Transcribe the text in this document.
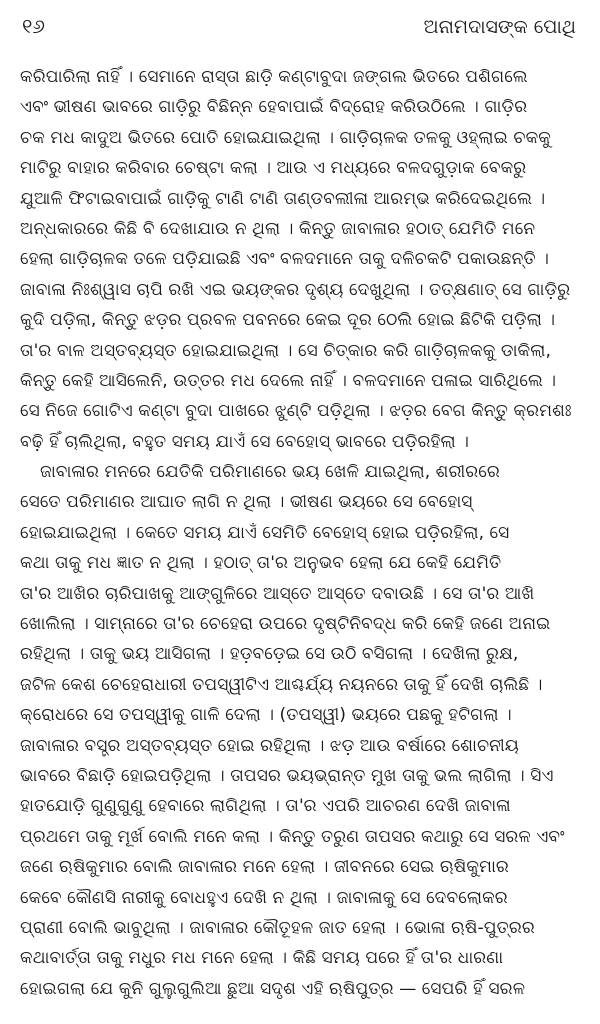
୧୬	ଅନାମଦାସଙ୍କ ପୋଥି
କରିପାରିଲା ନାହିଁ । ସେମାନେ ରାସ୍ତା ଛାଡ଼ି କଣ୍ଟାବୁଦା ଜଙ୍ଗଲ ଭିତରେ ପଶିଗଲେ
ଏବଂ ଭୀଷଣ ଭାବରେ ଗାଡ଼ିରୁ ବିଛିନ୍ନ ହେବାପାଇଁ ବିଦ୍ରୋହ କରିଉଠିଲେ । ଗାଡ଼ିର
ଚକ ମଧ କାଦୁଅ ଭିତରେ ପୋତି ହୋଇଯାଇଥିଲା । ଗାଡ଼ିଚାଳକ ତଳକୁ ଓହ୍ଲାଇ ଚକକୁ
ମାଟିରୁ ବାହାର କରିବାର ଚେଷ୍ଟା କଲା । ଆଉ ଏ ମଧ୍ୟରେ ବଳଦଗୁଡ଼ାକ ବେକରୁ
ଯୁଆଳି ଫିଟାଇବାପାଇଁ ଗାଡ଼ିକୁ ଟାଣି ଟାଣି ତାଣ୍ଡବଲୀଳା ଆରମ୍ଭ କରିଦେଇଥିଲେ ।
ଅନ୍ଧକାରରେ କିଛି ବି ଦେଖାଯାଉ ନ ଥିଲା । କିନ୍ତୁ ଜାବାଳାର ହଠାତ୍ ଯେମିତି ମନେ
ହେଲା ଗାଡ଼ିଚାଳକ ତଳେ ପଡ଼ିଯାଇଛି ଏବଂ ବଳଦମାନେ ତାକୁ ଦଳିଚକଟି ପକାଉଛନ୍ତି ।
ଜାବାଳା ନିଃଶ୍ୱାସ ଚାପି ରଖି ଏଇ ଭୟଙ୍କର ଦୃଶ୍ୟ ଦେଖୁଥିଲା । ତତ୍‌କ୍ଷଣାତ୍ ସେ ଗାଡ଼ିରୁ
କୁଦି ପଡ଼ିଲା, କିନ୍ତୁ ଝଡ଼ର ପ୍ରବଳ ପବନରେ କେଇ ଦୂର ଠେଲି ହୋଇ ଛିଟିକି ପଡ଼ିଲା ।
ତା'ର ବାଳ ଅସ୍ତବ୍ୟସ୍ତ ହୋଇଯାଇଥିଲା । ସେ ଚିତ୍କାର କରି ଗାଡ଼ିଚାଳକକୁ ଡାକିଲା,
କିନ୍ତୁ କେହି ଆସିଲେନି, ଉତ୍ତର ମଧ ଦେଲେ ନାହିଁ । ବଳଦମାନେ ପଳାଇ ସାରିଥିଲେ ।
ସେ ନିଜେ ଗୋଟିଏ କଣ୍ଟା ବୁଦା ପାଖରେ ଝୁଣ୍ଟି ପଡ଼ିଥିଲା । ଝଡ଼ର ବେଗ କିନ୍ତୁ କ୍ରମଶଃ
ବଢ଼ି ହିଁ ଚାଲିଥିଲା, ବହୁତ ସମୟ ଯାଏଁ ସେ ବେହୋସ୍ ଭାବରେ ପଡ଼ିରହିଲା ।
ଜାବାଳାର ମନରେ ଯେତିକି ପରିମାଣରେ ଭୟ ଖେଳି ଯାଇଥିଲା, ଶରୀରରେ
ସେତେ ପରିମାଣର ଆଘାତ ଲାଗି ନ ଥିଲା । ଭୀଷଣ ଭୟରେ ସେ ବେହୋସ୍
ହୋଇଯାଇଥିଲା । କେତେ ସମୟ ଯାଏଁ ସେମିତି ବେହୋସ୍ ହୋଇ ପଡ଼ିରହିଲା, ସେ
କଥା ତାକୁ ମଧ ଜ୍ଞାତ ନ ଥିଲା । ହଠାତ୍ ତା'ର ଅନୁଭବ ହେଲା ଯେ କେହି ଯେମିତି
ତା'ର ଆଖିର ଚାରିପାଖକୁ ଆଙ୍ଗୁଳିରେ ଆସ୍ତେ ଆସ୍ତେ ଦବାଉଛି । ସେ ତା'ର ଆଖି
ଖୋଲିଲା । ସାମ୍ନାରେ ତା'ର ଚେହେରା ଉପରେ ଦୃଷ୍ଟିନିବଦ୍ଧ କରି କେହି ଜଣେ ଅନାଇ
ରହିଥିଲା । ତାକୁ ଭୟ ଆସିଗଲା । ହଡ଼ବଡ଼େଇ ସେ ଉଠି ବସିଗଲା । ଦେଖିଲା ରୁକ୍ଷ,
ଜଟିଳ କେଶ ଚେହେରାଧାରୀ ତପସ୍ୱୀଟିଏ ଆଶ୍ଚର୍ଯ୍ୟ ନୟନରେ ତାକୁ ହିଁ ଦେଖି ଚାଲିଛି ।
କ୍ରୋଧରେ ସେ ତପସ୍ୱୀକୁ ଗାଳି ଦେଲା । (ତପସ୍ୱୀ) ଭୟରେ ପଛକୁ ହଟିଗଲା ।
ଜାବାଳାର ବସ୍ତ୍ର ଅସ୍ତବ୍ୟସ୍ତ ହୋଇ ରହିଥିଲା । ଝଡ଼ ଆଉ ବର୍ଷାରେ ଶୋଚନୀୟ
ଭାବରେ ବିଛାଡ଼ି ହୋଇପଡ଼ିଥିଲା । ତାପସର ଭୟଭ୍ରାନ୍ତ ମୁଖ ତାକୁ ଭଲ ଲାଗିଲା । ସିଏ
ହାତଯୋଡ଼ି ଗୁଣୁଗୁଣୁ ହେବାରେ ଲାଗିଥିଲା । ତା'ର ଏପରି ଆଚରଣ ଦେଖି ଜାବାଳା
ପ୍ରଥମେ ତାକୁ ମୂର୍ଖ ବୋଲି ମନେ କଲା । କିନ୍ତୁ ତରୁଣ ତାପସର କଥାରୁ ସେ ସରଳ ଏବଂ
ଜଣେ ଋଷିକୁମାର ବୋଲି ଜାବାଳାର ମନେ ହେଲା । ଜୀବନରେ ସେଇ ଋଷିକୁମାର
କେବେ କୌଣସି ନାରୀକୁ ବୋଧହୁଏ ଦେଖି ନ ଥିଲା । ଜାବାଳାକୁ ସେ ଦେବଲୋକର
ପ୍ରାଣୀ ବୋଲି ଭାବୁଥିଲା । ଜାବାଳାର କୌତୂହଳ ଜାତ ହେଲା । ଭୋଳା ଋଷି-ପୁତ୍ରର
କଥାବାର୍ତ୍ତା ତାକୁ ମଧୁର ମଧ ମନେ ହେଲା । କିଛି ସମୟ ପରେ ହିଁ ତା'ର ଧାରଣା
ହୋଇଗଲା ଯେ କୁନି ଗୁଲୁଗୁଲିଆ ଛୁଆ ସଦୃଶ ଏହି ଋଷିପୁତ୍ର — ସେପରି ହିଁ ସରଳ
